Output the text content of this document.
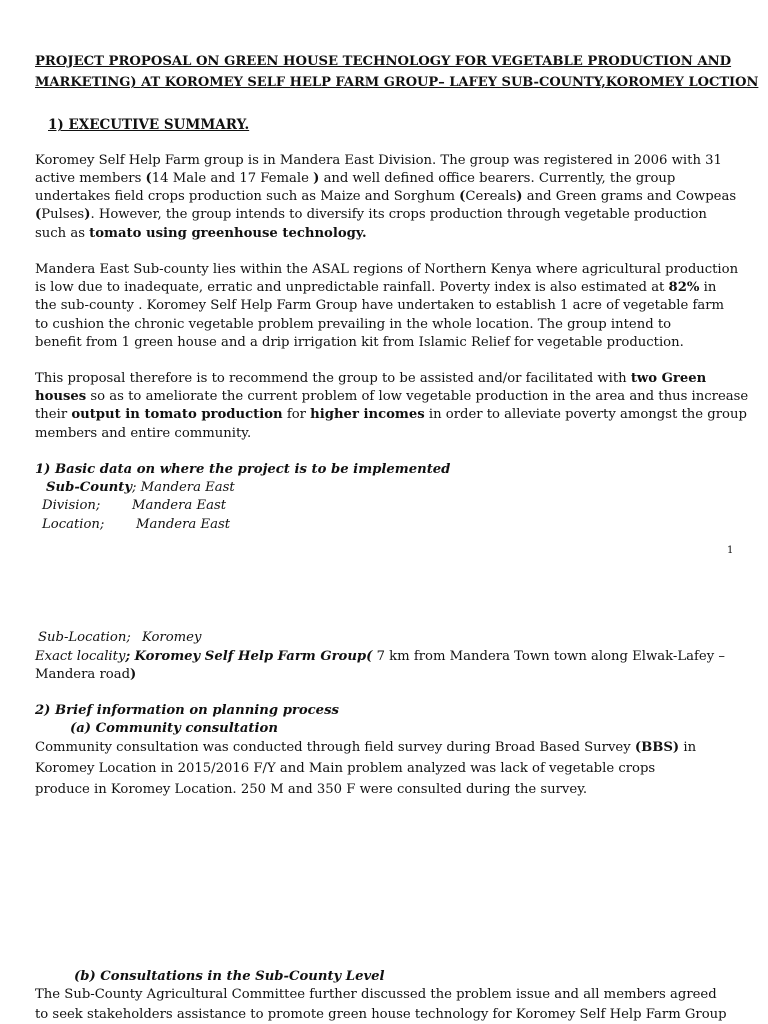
PROJECT PROPOSAL ON GREEN HOUSE TECHNOLOGY FOR VEGETABLE PRODUCTION AND
MARKETING) AT KOROMEY SELF HELP FARM GROUP– LAFEY SUB-COUNTY,KOROMEY LOCTION
1) EXECUTIVE SUMMARY.
Koromey Self Help Farm group is in Mandera East Division. The group was registered in 2006 with 31
active members (14 Male and 17 Female ) and well defined office bearers. Currently, the group
undertakes field crops production such as Maize and Sorghum (Cereals) and Green grams and Cowpeas
(Pulses). However, the group intends to diversify its crops production through vegetable production
such as tomato using greenhouse technology.
Mandera East Sub-county lies within the ASAL regions of Northern Kenya where agricultural production
is low due to inadequate, erratic and unpredictable rainfall. Poverty index is also estimated at 82% in
the sub-county . Koromey Self Help Farm Group have undertaken to establish 1 acre of vegetable farm
to cushion the chronic vegetable problem prevailing in the whole location. The group intend to
benefit from 1 green house and a drip irrigation kit from Islamic Relief for vegetable production.
This proposal therefore is to recommend the group to be assisted and/or facilitated with two Green
houses so as to ameliorate the current problem of low vegetable production in the area and thus increase
their output in tomato production for higher incomes in order to alleviate poverty amongst the group
members and entire community.
1) Basic data on where the project is to be implemented
Sub-County; Mandera East
Division; Mandera East
Location; Mandera East
1
Sub-Location; Koromey
Exact locality; Koromey Self Help Farm Group( 7 km from Mandera Town town along Elwak-Lafey –
Mandera road)
2) Brief information on planning process
(a) Community consultation
Community consultation was conducted through field survey during Broad Based Survey (BBS) in
Koromey Location in 2015/2016 F/Y and Main problem analyzed was lack of vegetable crops
produce in Koromey Location. 250 M and 350 F were consulted during the survey.
(b) Consultations in the Sub-County Level
The Sub-County Agricultural Committee further discussed the problem issue and all members agreed
to seek stakeholders assistance to promote green house technology for Koromey Self Help Farm Group
